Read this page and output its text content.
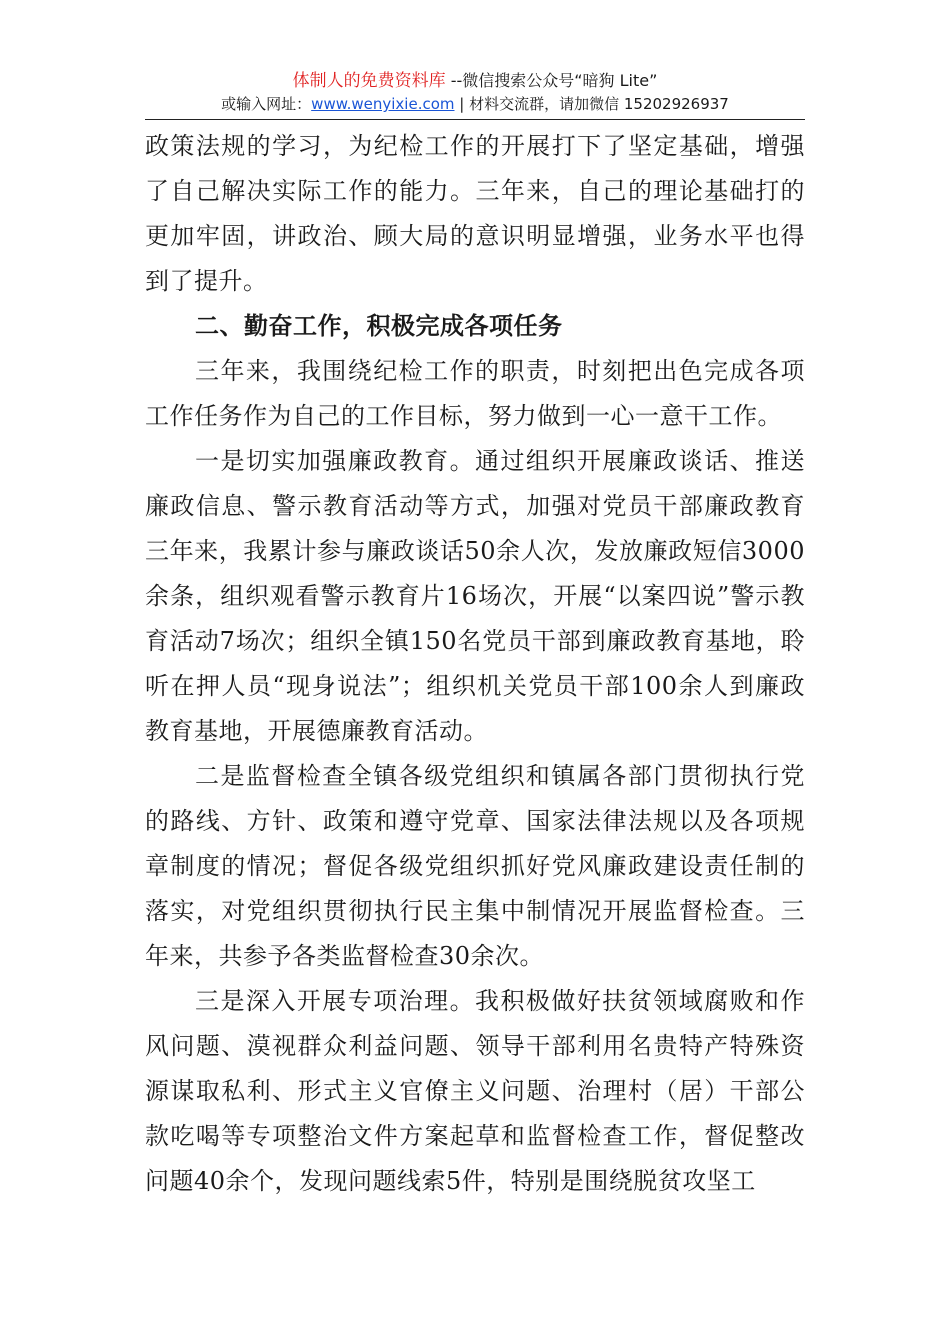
体制人的免费资料库 --微信搜索公众号“暗狗 Lite”
或输入网址：www.wenyixie.com | 材料交流群，请加微信 15202926937

政策法规的学习，为纪检工作的开展打下了坚定基础，增强了自己解决实际工作的能力。三年来，自己的理论基础打的更加牢固，讲政治、顾大局的意识明显增强，业务水平也得到了提升。

二、勤奋工作，积极完成各项任务

三年来，我围绕纪检工作的职责，时刻把出色完成各项工作任务作为自己的工作目标，努力做到一心一意干工作。

一是切实加强廉政教育。通过组织开展廉政谈话、推送廉政信息、警示教育活动等方式，加强对党员干部廉政教育三年来，我累计参与廉政谈话50余人次，发放廉政短信3000余条，组织观看警示教育片16场次，开展“以案四说”警示教育活动7场次；组织全镇150名党员干部到廉政教育基地，聆听在押人员“现身说法”；组织机关党员干部100余人到廉政教育基地，开展德廉教育活动。

二是监督检查全镇各级党组织和镇属各部门贯彻执行党的路线、方针、政策和遵守党章、国家法律法规以及各项规章制度的情况；督促各级党组织抓好党风廉政建设责任制的落实，对党组织贯彻执行民主集中制情况开展监督检查。三年来，共参予各类监督检查30余次。

三是深入开展专项治理。我积极做好扶贫领域腐败和作风问题、漠视群众利益问题、领导干部利用名贵特产特殊资源谋取私利、形式主义官僚主义问题、治理村（居）干部公款吃喝等专项整治文件方案起草和监督检查工作，督促整改问题40余个，发现问题线索5件，特别是围绕脱贫攻坚工
